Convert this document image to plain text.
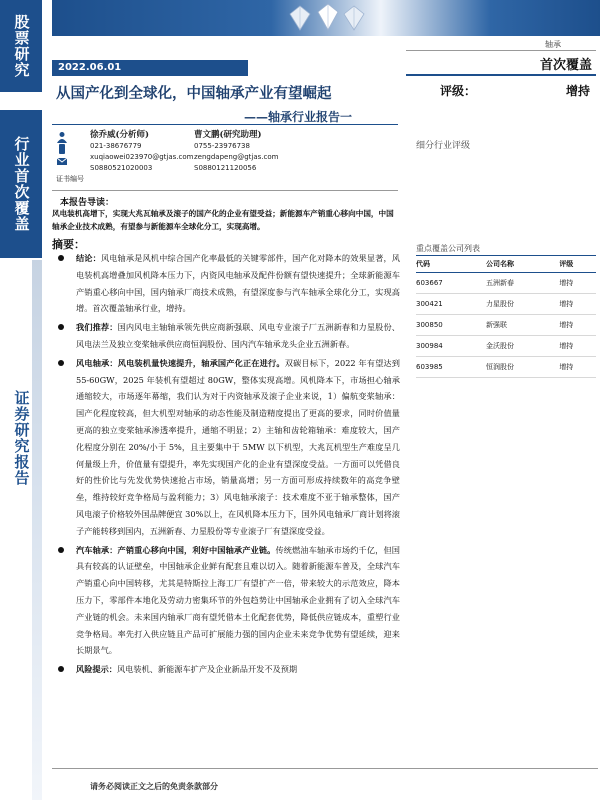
股票研究
行业首次覆盖
证券研究报告
轴承
2022.06.01	首次覆盖
从国产化到全球化，中国轴承产业有望崛起
——轴承行业报告一
评级：	增持
细分行业评级
徐乔威(分析师)
021-38676779
xuqiaowei023970@gtjas.com
S0880521020003
曹文鹏(研究助理)
0755-23976738
zengdapeng@gtjas.com
S0880121120056
证书编号
本报告导读：
风电装机高增下，实现大兆瓦轴承及滚子的国产化的企业有望受益；新能源车产销重心移向中国，中国轴承企业技术成熟，有望参与新能源车全球化分工，实现高增。
摘要：
结论：风电轴承是风机中综合国产化率最低的关键零部件，国产化对降本的效果显著，风电装机高增叠加风机降本压力下，内资风电轴承及配件份额有望快速提升；全球新能源车产销重心移向中国，国内轴承厂商技术成熟，有望深度参与汽车轴承全球化分工，实现高增。首次覆盖轴承行业，增持。
我们推荐：国内风电主轴轴承领先供应商新强联、风电专业滚子厂五洲新春和力星股份、风电法兰及独立变桨轴承供应商恒润股份、国内汽车轴承龙头企业五洲新春。
风电轴承：风电装机量快速提升，轴承国产化正在进行。双碳目标下，2022 年有望达到 55-60GW，2025 年装机有望超过 80GW，整体实现高增。风机降本下，市场担心轴承通缩较大，市场逐年幕缩，我们认为对于内资轴承及滚子企业来说，1）偏航变桨轴承：国产化程度较高，但大机型对轴承的动态性能及制造精度提出了更高的要求，同时价值量更高的独立变桨轴承渗透率提升，通缩不明显；2）主轴和齿轮箱轴承：难度较大，国产化程度分别在 20%/小于 5%，且主要集中于 5MW 以下机型，大兆瓦机型生产难度呈几何量级上升，价值量有望提升，率先实现国产化的企业有望深度受益。一方面可以凭借良好的性价比与先发优势快速抢占市场，销量高增；另一方面可形成持续数年的高竞争壁垒，维持较好竞争格局与盈利能力；3）风电轴承滚子：技术难度不亚于轴承整体，国产风电滚子价格较外国品牌便宜 30%以上，在风机降本压力下，国外风电轴承厂商计划将滚子产能转移到国内，五洲新春、力星股份等专业滚子厂有望深度受益。
汽车轴承：产销重心移向中国，利好中国轴承产业链。传统燃油车轴承市场约千亿，但国具有较高的认证壁垒，中国轴承企业鲜有配套且难以切入。随着新能源车普及，全球汽车产销重心向中国转移，尤其是特斯拉上海工厂有望扩产一倍，带来较大的示范效应，降本压力下，零部件本地化及劳动力密集环节的外包趋势让中国轴承企业拥有了切入全球汽车产业链的机会。未来国内轴承厂商有望凭借本土化配套优势，降低供应链成本，重塑行业竞争格局。率先打入供应链且产品可扩展能力强的国内企业未来竞争优势有望延续，迎来长期景气。
风险提示：风电装机、新能源车扩产及企业新品开发不及预期
重点覆盖公司列表
代码	公司名称	评级
603667	五洲新春	增持
300421	力星股份	增持
300850	新强联	增持
300984	金沃股份	增持
603985	恒润股份	增持
请务必阅读正文之后的免责条款部分
